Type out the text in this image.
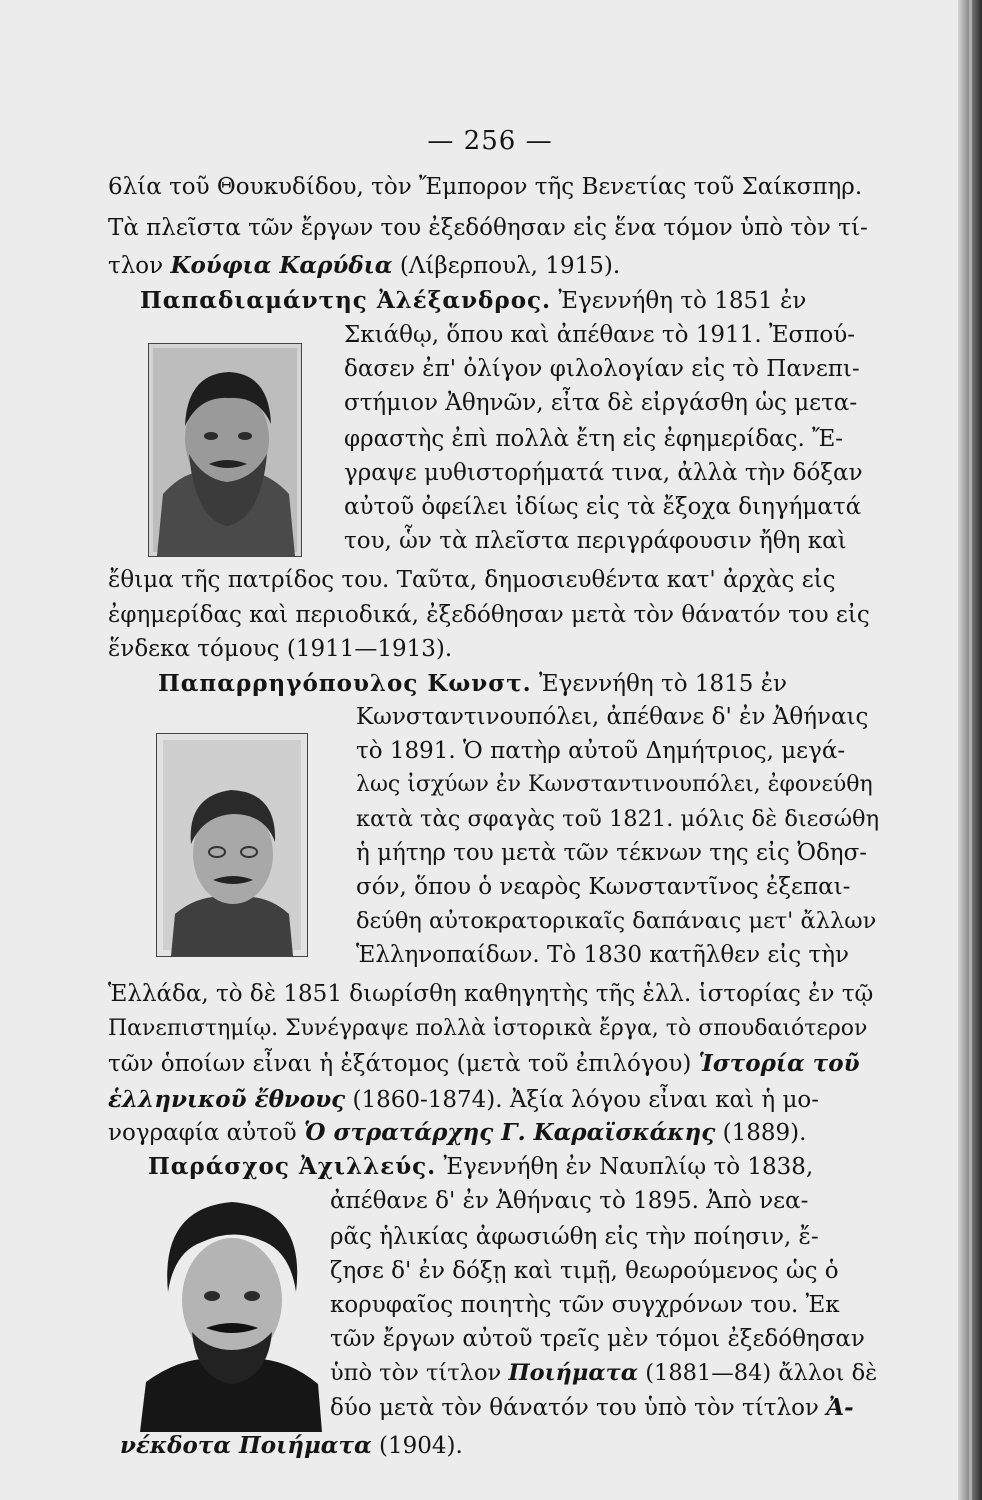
— 256 —
6λία τοῦ Θουκυδίδου, τὸν Ἔμπορον τῆς Βενετίας τοῦ Σαίκσπηρ.
Τὰ πλεῖστα τῶν ἔργων του ἐξεδόθησαν εἰς ἕνα τόμον ὑπὸ τὸν τί-
τλον Κούφια Καρύδια (Λίβερπουλ, 1915).
Παπαδιαμάντης Ἀλέξανδρος. Ἐγεννήθη τὸ 1851 ἐν
Σκιάθῳ, ὅπου καὶ ἀπέθανε τὸ 1911. Ἐσπού-
δασεν ἐπ' ὀλίγον φιλολογίαν εἰς τὸ Πανεπι-
στήμιον Ἀθηνῶν, εἶτα δὲ εἰργάσθη ὡς μετα-
φραστὴς ἐπὶ πολλὰ ἔτη εἰς ἐφημερίδας. Ἔ-
γραψε μυθιστορήματά τινα, ἀλλὰ τὴν δόξαν
αὐτοῦ ὀφείλει ἰδίως εἰς τὰ ἔξοχα διηγήματά
του, ὧν τὰ πλεῖστα περιγράφουσιν ἤθη καὶ
ἔθιμα τῆς πατρίδος του. Ταῦτα, δημοσιευθέντα κατ' ἀρχὰς εἰς
ἐφημερίδας καὶ περιοδικά, ἐξεδόθησαν μετὰ τὸν θάνατόν του εἰς
ἕνδεκα τόμους (1911—1913).
Παπαρρηγόπουλος Κωνστ. Ἐγεννήθη τὸ 1815 ἐν
Κωνσταντινουπόλει, ἀπέθανε δ' ἐν Ἀθήναις
τὸ 1891. Ὁ πατὴρ αὐτοῦ Δημήτριος, μεγά-
λως ἰσχύων ἐν Κωνσταντινουπόλει, ἐφονεύθη
κατὰ τὰς σφαγὰς τοῦ 1821. μόλις δὲ διεσώθη
ἡ μήτηρ του μετὰ τῶν τέκνων της εἰς Ὀδησ-
σόν, ὅπου ὁ νεαρὸς Κωνσταντῖνος ἐξεπαι-
δεύθη αὐτοκρατορικαῖς δαπάναις μετ' ἄλλων
Ἑλληνοπαίδων. Τὸ 1830 κατῆλθεν εἰς τὴν
Ἑλλάδα, τὸ δὲ 1851 διωρίσθη καθηγητὴς τῆς ἑλλ. ἱστορίας ἐν τῷ
Πανεπιστημίῳ. Συνέγραψε πολλὰ ἱστορικὰ ἔργα, τὸ σπουδαιότερον
τῶν ὁποίων εἶναι ἡ ἑξάτομος (μετὰ τοῦ ἐπιλόγου) Ἱστορία τοῦ
ἑλληνικοῦ ἔθνους (1860-1874). Ἀξία λόγου εἶναι καὶ ἡ μο-
νογραφία αὐτοῦ Ὁ στρατάρχης Γ. Καραϊσκάκης (1889).
Παράσχος Ἀχιλλεύς. Ἐγεννήθη ἐν Ναυπλίῳ τὸ 1838,
ἀπέθανε δ' ἐν Ἀθήναις τὸ 1895. Ἀπὸ νεα-
ρᾶς ἡλικίας ἀφωσιώθη εἰς τὴν ποίησιν, ἔ-
ζησε δ' ἐν δόξῃ καὶ τιμῇ, θεωρούμενος ὡς ὁ
κορυφαῖος ποιητὴς τῶν συγχρόνων του. Ἐκ
τῶν ἔργων αὐτοῦ τρεῖς μὲν τόμοι ἐξεδόθησαν
ὑπὸ τὸν τίτλον Ποιήματα (1881—84) ἄλλοι δὲ
δύο μετὰ τὸν θάνατόν του ὑπὸ τὸν τίτλον Ἀ-
νέκδοτα Ποιήματα (1904).
